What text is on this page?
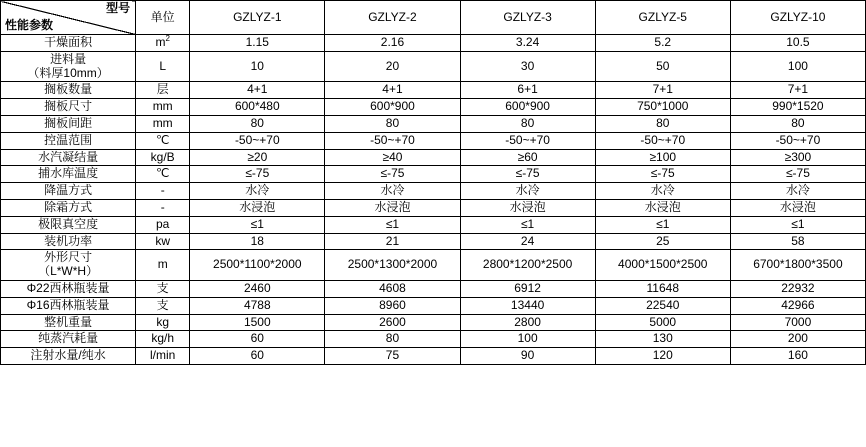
型号
性能参数	单位	GZLYZ-1	GZLYZ-2	GZLYZ-3	GZLYZ-5	GZLYZ-10
干燥面积	$m^2$	1.15	2.16	3.24	5.2	10.5

进料量
（料厚10mm）	L	10	20	30	50	100
搁板数量	层	4+1	4+1	6+1	7+1	7+1
搁板尺寸	mm	600*480	600*900	600*900	750*1000	990*1520
搁板间距	mm	80	80	80	80	80
控温范围	℃	-50~+70	-50~+70	-50~+70	-50~+70	-50~+70
水汽凝结量	kg/B	≥20	≥40	≥60	≥100	≥300
捕水库温度	℃	≤-75	≤-75	≤-75	≤-75	≤-75
降温方式	-	水冷	水冷	水冷	水冷	水冷
除霜方式	-	水浸泡	水浸泡	水浸泡	水浸泡	水浸泡
极限真空度	pa	≤1	≤1	≤1	≤1	≤1
装机功率	kw	18	21	24	25	58

外形尺寸
（L*W*H）	m	2500*1100*2000	2500*1300*2000	2800*1200*2500	4000*1500*2500	6700*1800*3500
Φ22西林瓶装量	支	2460	4608	6912	11648	22932
Φ16西林瓶装量	支	4788	8960	13440	22540	42966
整机重量	kg	1500	2600	2800	5000	7000
纯蒸汽耗量	kg/h	60	80	100	130	200
注射水量/纯水	l/min	60	75	90	120	160
